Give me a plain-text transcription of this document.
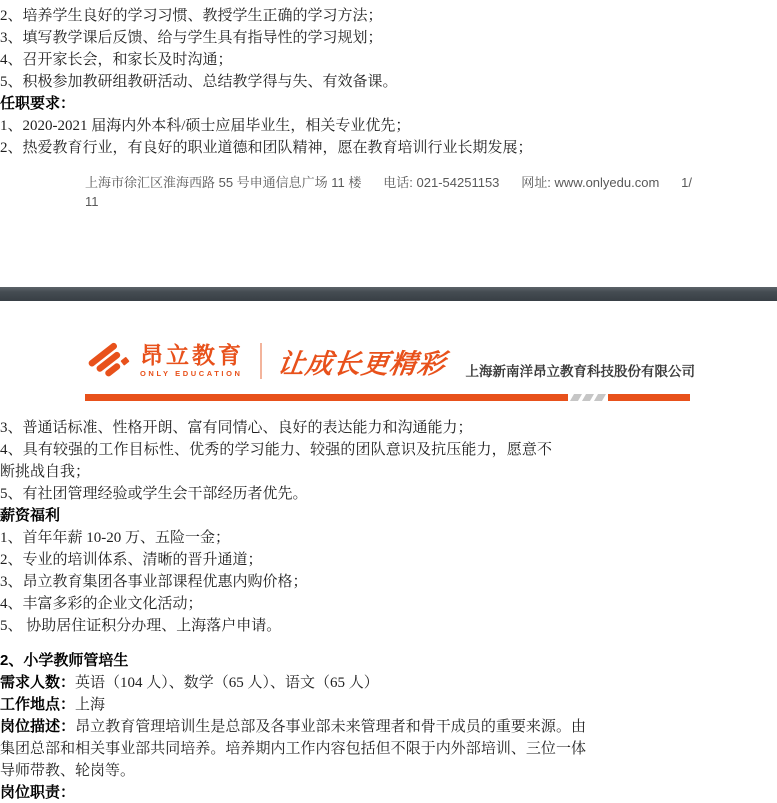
2、培养学生良好的学习习惯、教授学生正确的学习方法；

3、填写教学课后反馈、给与学生具有指导性的学习规划；

4、召开家长会，和家长及时沟通；

5、积极参加教研组教研活动、总结教学得与失、有效备课。

任职要求：

1、2020-2021 届海内外本科/硕士应届毕业生，相关专业优先；

2、热爱教育行业，有良好的职业道德和团队精神，愿在教育培训行业长期发展；

上海市徐汇区淮海西路 55 号申通信息广场 11 楼 电话: 021-54251153 网址: www.onlyedu.com 1/
11
昂立教育
ONLY EDUCATION 让成长更精彩 上海新南洋昂立教育科技股份有限公司

3、普通话标准、性格开朗、富有同情心、良好的表达能力和沟通能力；

4、具有较强的工作目标性、优秀的学习能力、较强的团队意识及抗压能力，愿意不断挑战自我；

5、有社团管理经验或学生会干部经历者优先。

薪资福利

1、首年年薪 10-20 万、五险一金；

2、专业的培训体系、清晰的晋升通道；

3、昂立教育集团各事业部课程优惠内购价格；

4、丰富多彩的企业文化活动；

5、 协助居住证积分办理、上海落户申请。

2、小学教师管培生

需求人数：英语（104 人）、数学（65 人）、语文（65 人）

工作地点：上海

岗位描述：昂立教育管理培训生是总部及各事业部未来管理者和骨干成员的重要来源。由集团总部和相关事业部共同培养。培养期内工作内容包括但不限于内外部培训、三位一体导师带教、轮岗等。

岗位职责：
